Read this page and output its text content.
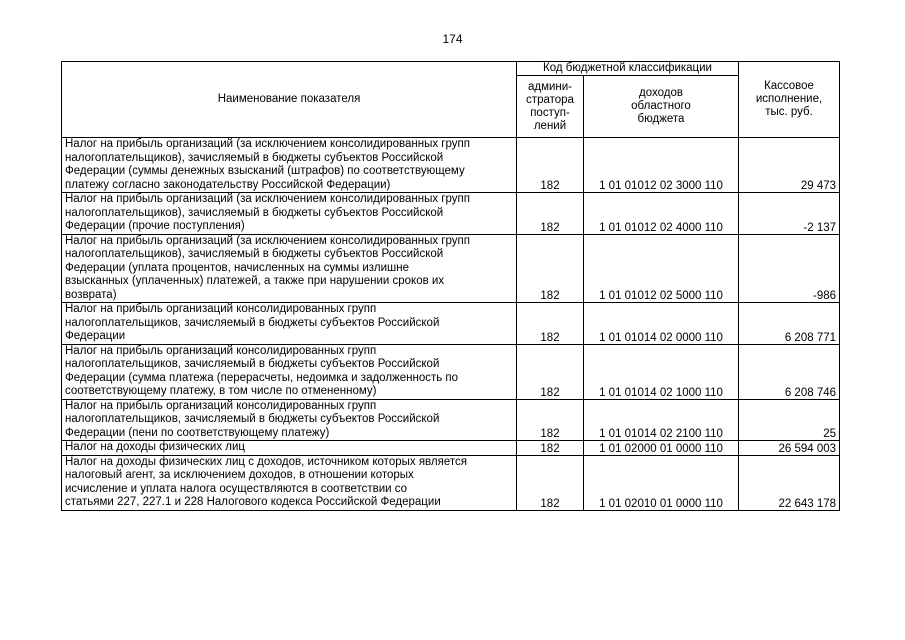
174
Наименование показателя	Код бюджетной классификации		Кассовое
исполнение,
тыс. руб.

	админи-
стратора
поступ-
лений	доходов
областного
бюджета	

Налог на прибыль организаций (за исключением консолидированных групп
налогоплательщиков), зачисляемый в бюджеты субъектов Российской
Федерации (суммы денежных взысканий (штрафов) по соответствующему
платежу согласно законодательству Российской Федерации)	182	1 01 01012 02 3000 110	29 473

Налог на прибыль организаций (за исключением консолидированных групп
налогоплательщиков), зачисляемый в бюджеты субъектов Российской
Федерации (прочие поступления)	182	1 01 01012 02 4000 110	-2 137

Налог на прибыль организаций (за исключением консолидированных групп
налогоплательщиков), зачисляемый в бюджеты субъектов Российской
Федерации (уплата процентов, начисленных на суммы излишне
взысканных (уплаченных) платежей, а также при нарушении сроков их
возврата)	182	1 01 01012 02 5000 110	-986

Налог на прибыль организаций консолидированных групп
налогоплательщиков, зачисляемый в бюджеты субъектов Российской
Федерации	182	1 01 01014 02 0000 110	6 208 771

Налог на прибыль организаций консолидированных групп
налогоплательщиков, зачисляемый в бюджеты субъектов Российской
Федерации (сумма платежа (перерасчеты, недоимка и задолженность по
соответствующему платежу, в том числе по отмененному)	182	1 01 01014 02 1000 110	6 208 746

Налог на прибыль организаций консолидированных групп
налогоплательщиков, зачисляемый в бюджеты субъектов Российской
Федерации (пени по соответствующему платежу)	182	1 01 01014 02 2100 110	25

Налог на доходы физических лиц	182	1 01 02000 01 0000 110	26 594 003

Налог на доходы физических лиц с доходов, источником которых является
налоговый агент, за исключением доходов, в отношении которых
исчисление и уплата налога осуществляются в соответствии со
статьями 227, 227.1 и 228 Налогового кодекса Российской Федерации	182	1 01 02010 01 0000 110	22 643 178
